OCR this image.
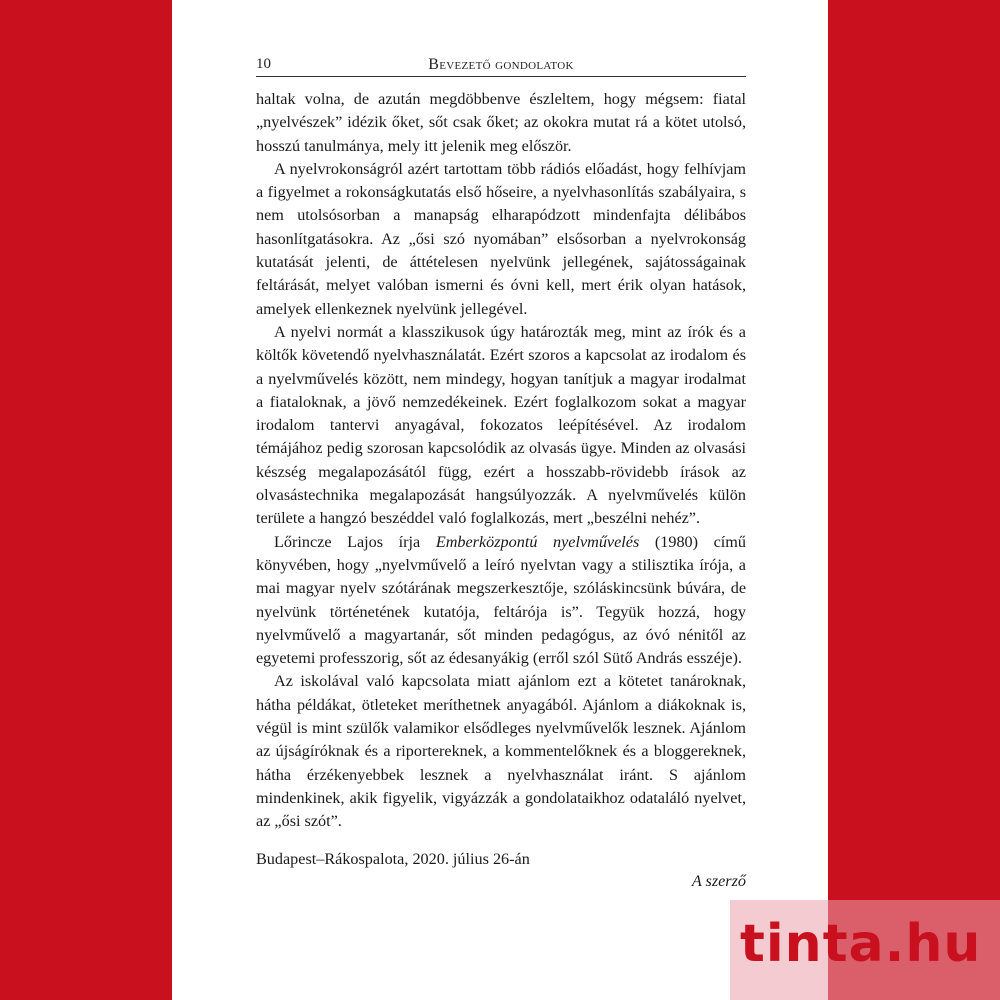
10	Bevezető gondolatok

haltak volna, de azután megdöbbenve észleltem, hogy mégsem: fiatal „nyelvészek” idézik őket, sőt csak őket; az okokra mutat rá a kötet utolsó, hosszú tanulmánya, mely itt jelenik meg először.

A nyelvrokonságról azért tartottam több rádiós előadást, hogy felhívjam a figyelmet a rokonságkutatás első hőseire, a nyelvhasonlítás szabályaira, s nem utolsósorban a manapság elharapódzott mindenfajta délibábos hasonlítgatásokra. Az „ősi szó nyomában” elsősorban a nyelvrokonság kutatását jelenti, de áttételesen nyelvünk jellegének, sajátosságainak feltárását, melyet valóban ismerni és óvni kell, mert érik olyan hatások, amelyek ellenkeznek nyelvünk jellegével.

A nyelvi normát a klasszikusok úgy határozták meg, mint az írók és a költők követendő nyelvhasználatát. Ezért szoros a kapcsolat az irodalom és a nyelvművelés között, nem mindegy, hogyan tanítjuk a magyar irodalmat a fiataloknak, a jövő nemzedékeinek. Ezért foglalkozom sokat a magyar irodalom tantervi anyagával, fokozatos leépítésével. Az irodalom témájához pedig szorosan kapcsolódik az olvasás ügye. Minden az olvasási készség megalapozásától függ, ezért a hosszabb-rövidebb írások az olvasástechnika megalapozását hangsúlyozzák. A nyelvművelés külön területe a hangzó beszéddel való foglalkozás, mert „beszélni nehéz”.

Lőrincze Lajos írja Emberközpontú nyelvművelés (1980) című könyvében, hogy „nyelvművelő a leíró nyelvtan vagy a stilisztika írója, a mai magyar nyelv szótárának megszerkesztője, szóláskincsünk búvára, de nyelvünk történetének kutatója, feltárója is”. Tegyük hozzá, hogy nyelvművelő a magyartanár, sőt minden pedagógus, az óvó nénitől az egyetemi professzorig, sőt az édesanyákig (erről szól Sütő András esszéje).

Az iskolával való kapcsolata miatt ajánlom ezt a kötetet tanároknak, hátha példákat, ötleteket meríthetnek anyagából. Ajánlom a diákoknak is, végül is mint szülők valamikor elsődleges nyelvművelők lesznek. Ajánlom az újságíróknak és a riportereknek, a kommentelőknek és a bloggereknek, hátha érzékenyebbek lesznek a nyelvhasználat iránt. S ajánlom mindenkinek, akik figyelik, vigyázzák a gondolataikhoz odataláló nyelvet, az „ősi szót”.

Budapest–Rákospalota, 2020. július 26-án
A szerző
tinta.hu
